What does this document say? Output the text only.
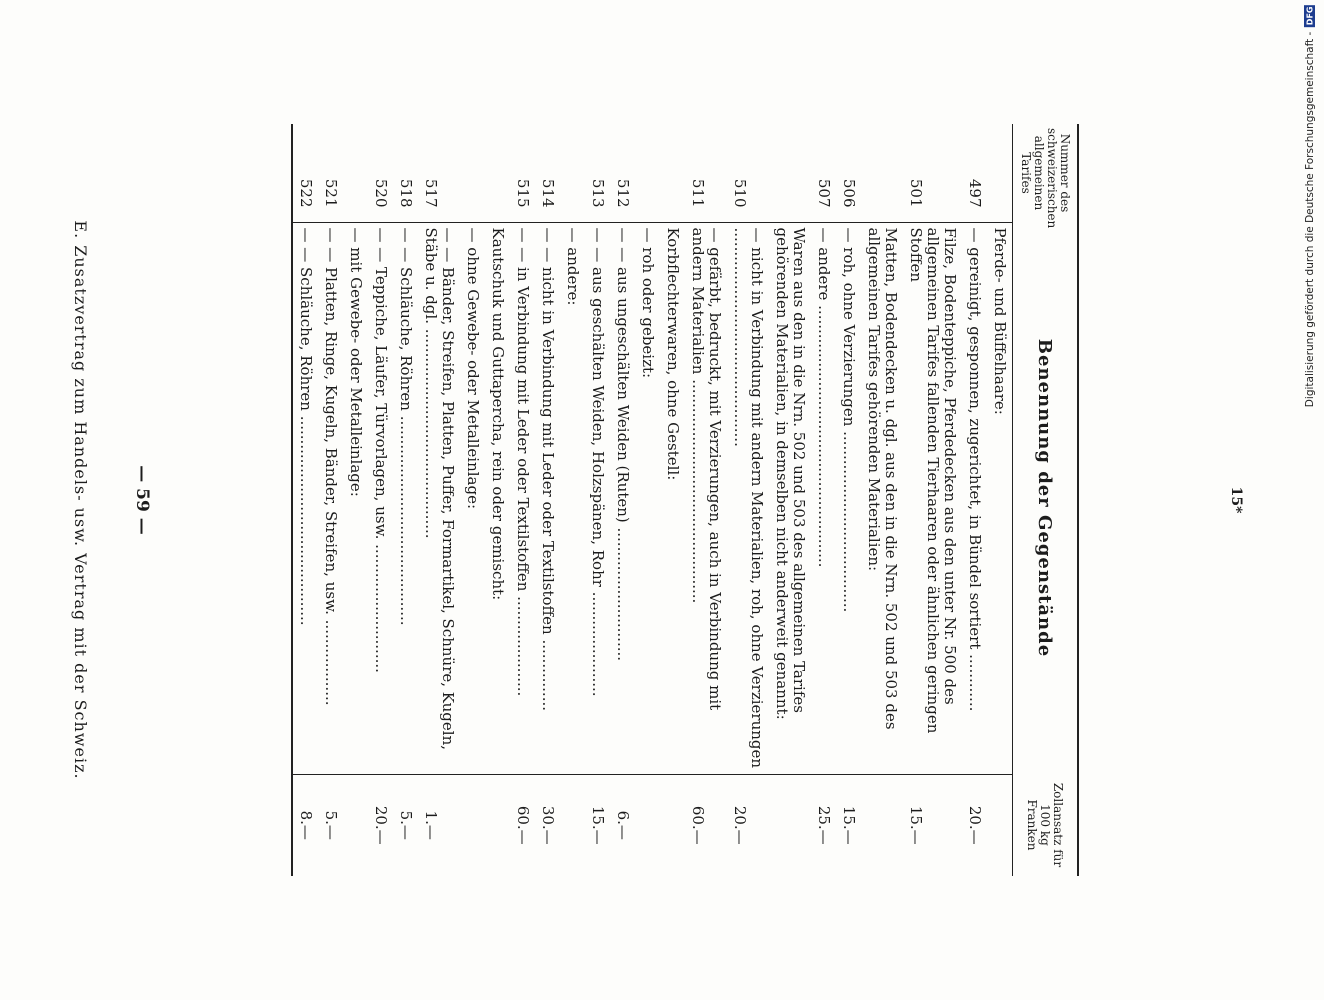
E. Zusatzvertrag zum Handels- usw. Vertrag mit der Schweiz. — 59 —
Nummer des schweizerischen allgemeinen Tarifes	Benennung der Gegenstände	Zollansatz für 100 kg Franken
	Pferde- und Büffelhaare:	
497	— gereinigt, gesponnen, zugerichtet, in Bündel sortiert ............	20.—
501	Filze, Bodenteppiche, Pferdedecken aus den unter Nr. 500 des allgemeinen Tarifes fallenden Tierhaaren oder ähnlichen geringen Stoffen	15.—
	Matten, Bodendecken u. dgl. aus den in die Nrn. 502 und 503 des allgemeinen Tarifes gehörenden Materialien:	
506	— roh, ohne Verzierungen ......................................	15.—
507	— andere .......................................................	25.—
	Waren aus den in die Nrn. 502 und 503 des allgemeinen Tarifes gehörenden Materialien, in demselben nicht anderweit genannt:	
510	— nicht in Verbindung mit andern Materialien, roh, ohne Verzierungen ..............................................	20.—
511	— gefärbt, bedruckt, mit Verzierungen, auch in Verbindung mit andern Materialien ...............................................	60.—
	Korbflechterwaren, ohne Gestell:	
	— roh oder gebeizt:	
512	— — aus ungeschälten Weiden (Ruten) ............................	6.—
513	— — aus geschälten Weiden, Holzspänen, Rohr ......................	15.—
	— andere:	
514	— — nicht in Verbindung mit Leder oder Textilstoffen ...............	30.—
515	— — in Verbindung mit Leder oder Textilstoffen .....................	60.—
	Kautschuk und Guttapercha, rein oder gemischt:	
	— ohne Gewebe- oder Metalleinlage:	
517	— — Bänder, Streifen, Platten, Puffer, Formartikel, Schnüre, Kugeln, Stäbe u. dgl. ............................................	1.—
518	— — Schläuche, Röhren ............................................	5.—
520	— — Teppiche, Läufer, Türvorlagen, usw. ...........................	20.—
	— mit Gewebe- oder Metalleinlage:	
521	— — Platten, Ringe, Kugeln, Bänder, Streifen, usw. ..................	5.—
522	— — Schläuche, Röhren ............................................	8.—
15*
Digitalisierung gefördert durch die Deutsche Forschungsgemeinschaft -
DFG
